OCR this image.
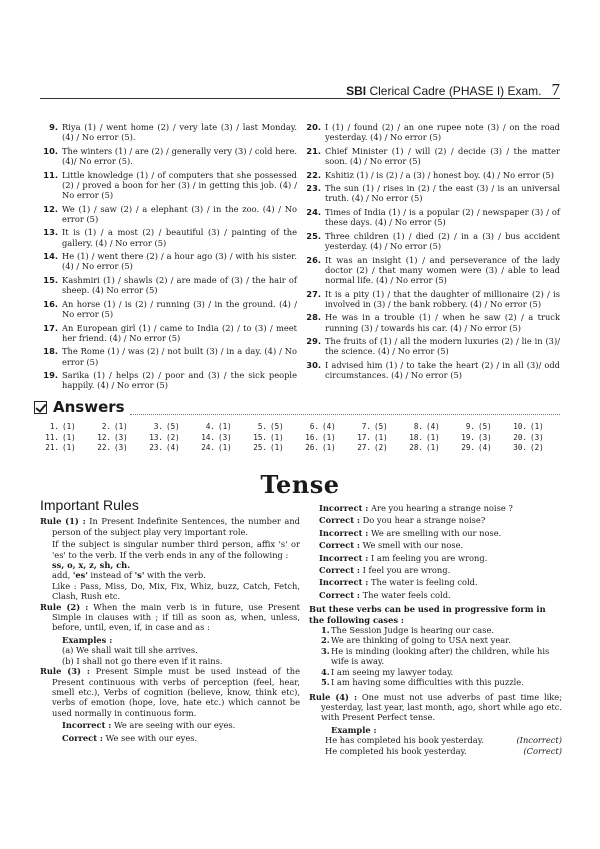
SBI Clerical Cadre (PHASE I) Exam. 7
9. Riya (1) / went home (2) / very late (3) / last Monday. (4) / No error (5).
10. The winters (1) / are (2) / generally very (3) / cold here. (4)/ No error (5).
11. Little knowledge (1) / of computers that she possessed (2) / proved a boon for her (3) / in getting this job. (4) / No error (5)
12. We (1) / saw (2) / a elephant (3) / in the zoo. (4) / No error (5)
13. It is (1) / a most (2) / beautiful (3) / painting of the gallery. (4) / No error (5)
14. He (1) / went there (2) / a hour ago (3) / with his sister. (4) / No error (5)
15. Kashmiri (1) / shawls (2) / are made of (3) / the hair of sheep. (4) No error (5)
16. An horse (1) / is (2) / running (3) / in the ground. (4) / No error (5)
17. An European girl (1) / came to India (2) / to (3) / meet her friend. (4) / No error (5)
18. The Rome (1) / was (2) / not built (3) / in a day. (4) / No error (5)
19. Sarika (1) / helps (2) / poor and (3) / the sick people happily. (4) / No error (5)
20. I (1) / found (2) / an one rupee note (3) / on the road yesterday. (4) / No error (5)
21. Chief Minister (1) / will (2) / decide (3) / the matter soon. (4) / No error (5)
22. Kshitiz (1) / is (2) / a (3) / honest boy. (4) / No error (5)
23. The sun (1) / rises in (2) / the east (3) / is an universal truth. (4) / No error (5)
24. Times of India (1) / is a popular (2) / newspaper (3) / of these days. (4) / No error (5)
25. Three children (1) / died (2) / in a (3) / bus accident yesterday. (4) / No error (5)
26. It was an insight (1) / and perseverance of the lady doctor (2) / that many women were (3) / able to lead normal life. (4) / No error (5)
27. It is a pity (1) / that the daughter of millionaire (2) / is involved in (3) / the bank robbery. (4) / No error (5)
28. He was in a trouble (1) / when he saw (2) / a truck running (3) / towards his car. (4) / No error (5)
29. The fruits of (1) / all the modern luxuries (2) / lie in (3)/ the science. (4) / No error (5)
30. I advised him (1) / to take the heart (2) / in all (3)/ odd circumstances. (4) / No error (5)
Answers
1. (1)	2. (1)	3. (5)	4. (1)	5. (5)	6. (4)	7. (5)	8. (4)	9. (5)	10. (1)
11. (1)	12. (3)	13. (2)	14. (3)	15. (1)	16. (1)	17. (1)	18. (1)	19. (3)	20. (3)
21. (1)	22. (3)	23. (4)	24. (1)	25. (1)	26. (1)	27. (2)	28. (1)	29. (4)	30. (2)
Tense
Important Rules
Rule (1) : In Present Indefinite Sentences, the number and person of the subject play very important role.
If the subject is singular number third person, affix 's' or 'es' to the verb. If the verb ends in any of the following :
ss, o, x, z, sh, ch.
add, 'es' instead of 's' with the verb.
Like : Pass, Miss, Do, Mix, Fix, Whiz, buzz, Catch, Fetch, Clash, Rush etc.
Rule (2) : When the main verb is in future, use Present Simple in clauses with ; if till as soon as, when, unless, before, until, even, if, in case and as :
Examples :
(a) We shall wait till she arrives.
(b) I shall not go there even if it rains.
Rule (3) : Present Simple must be used instead of the Present continuous with verbs of perception (feel, hear, smell etc.), Verbs of cognition (believe, know, think etc), verbs of emotion (hope, love, hate etc.) which cannot be used normally in continuous form.
Incorrect : We are seeing with our eyes.
Correct : We see with our eyes.
Incorrect : Are you hearing a strange noise ?
Correct : Do you hear a strange noise?
Incorrect : We are smelling with our nose.
Correct : We smell with our nose.
Incorrect : I am feeling you are wrong.
Correct : I feel you are wrong.
Incorrect : The water is feeling cold.
Correct : The water feels cold.
But these verbs can be used in progressive form in the following cases :
1. The Session Judge is hearing our case.
2. We are thinking of going to USA next year.
3. He is minding (looking after) the children, while his wife is away.
4. I am seeing my lawyer today.
5. I am having some difficulties with this puzzle.
Rule (4) : One must not use adverbs of past time like; yesterday, last year, last month, ago, short while ago etc. with Present Perfect tense.
Example :
He has completed his book yesterday.	(Incorrect)
He completed his book yesterday.	(Correct)
